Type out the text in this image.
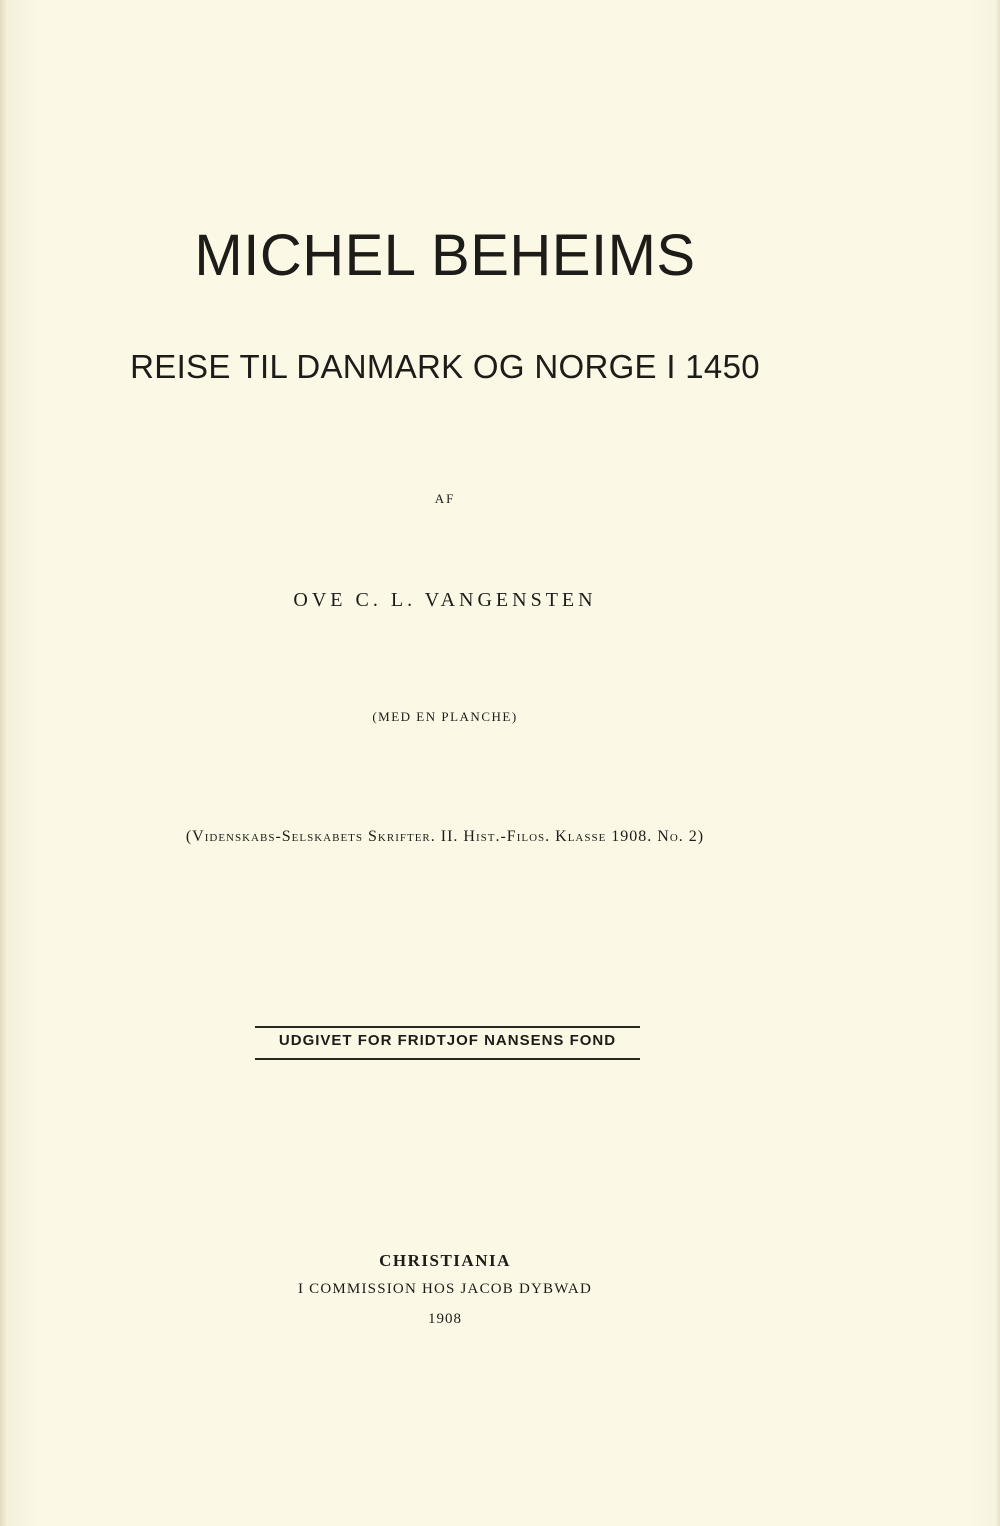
MICHEL BEHEIMS
REISE TIL DANMARK OG NORGE I 1450
AF
OVE C. L. VANGENSTEN
(MED EN PLANCHE)
(Videnskabs-Selskabets Skrifter. II. Hist.-Filos. Klasse 1908. No. 2)
UDGIVET FOR FRIDTJOF NANSENS FOND
CHRISTIANIA
I COMMISSION HOS JACOB DYBWAD
1908
